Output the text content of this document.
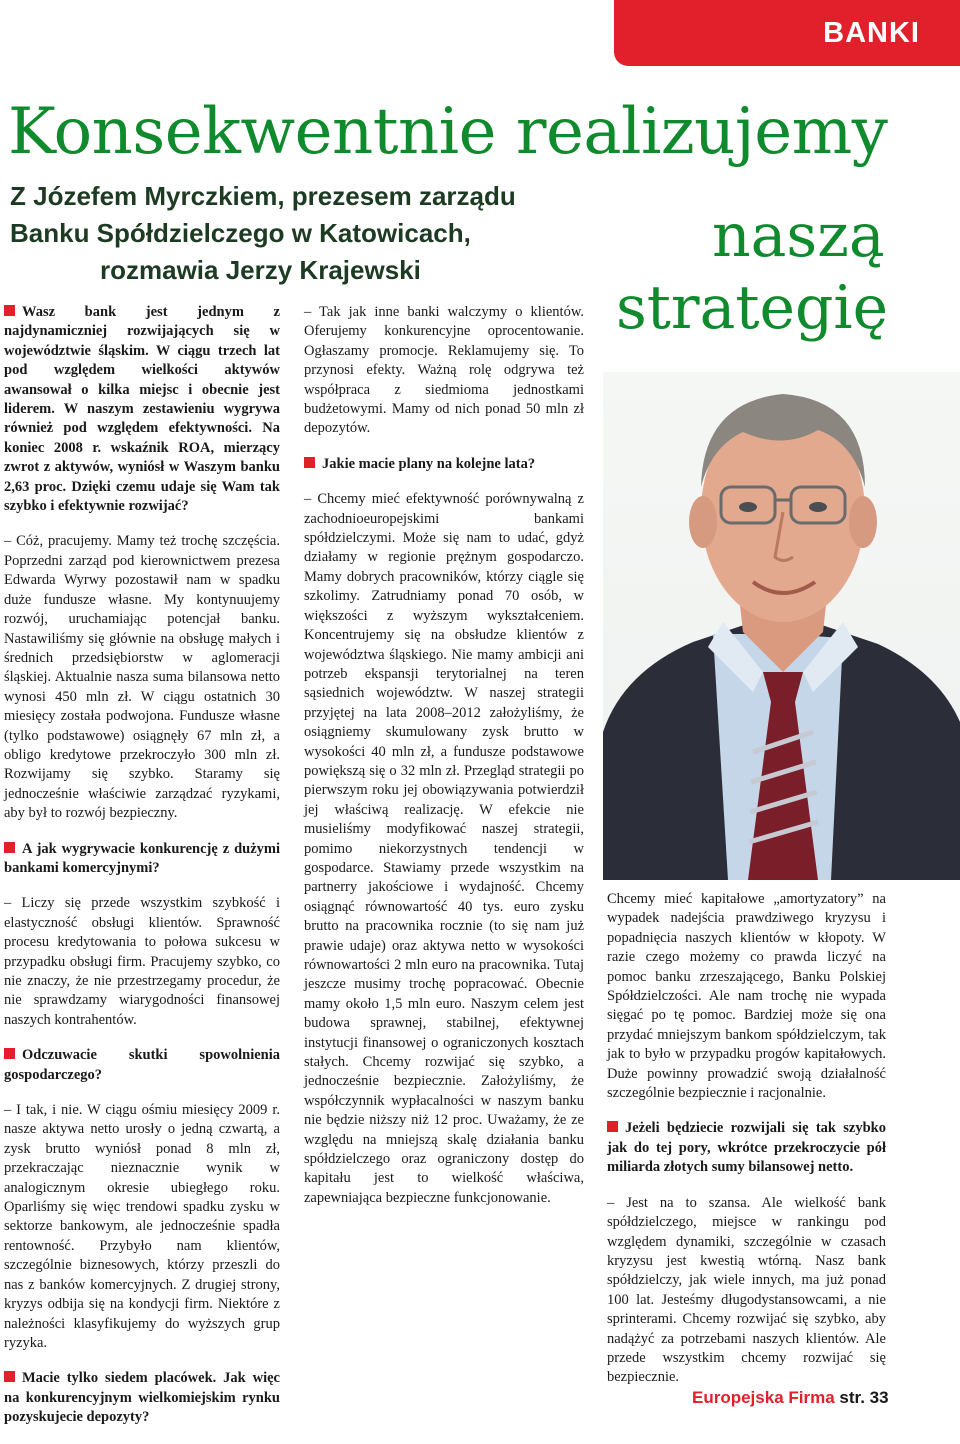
BANKI
Konsekwentnie realizujemy
naszą
strategię
Z Józefem Myrczkiem, prezesem zarządu
Banku Spółdzielczego w Katowicach,
rozmawia Jerzy Krajewski

Wasz bank jest jednym z najdynamiczniej rozwijających się w województwie śląskim. W ciągu trzech lat pod względem wielkości aktywów awansował o kilka miejsc i obecnie jest liderem. W naszym zestawieniu wygrywa również pod względem efektywności. Na koniec 2008 r. wskaźnik ROA, mierzący zwrot z aktywów, wyniósł w Waszym banku 2,63 proc. Dzięki czemu udaje się Wam tak szybko i efektywnie rozwijać?

– Cóż, pracujemy. Mamy też trochę szczęścia. Poprzedni zarząd pod kierownictwem prezesa Edwarda Wyrwy pozostawił nam w spadku duże fundusze własne. My kontynuujemy rozwój, uruchamiając potencjał banku. Nastawiliśmy się głównie na obsługę małych i średnich przedsiębiorstw w aglomeracji śląskiej. Aktualnie nasza suma bilansowa netto wynosi 450 mln zł. W ciągu ostatnich 30 miesięcy została podwojona. Fundusze własne (tylko podstawowe) osiągnęły 67 mln zł, a obligo kredytowe przekroczyło 300 mln zł. Rozwijamy się szybko. Staramy się jednocześnie właściwie zarządzać ryzykami, aby był to rozwój bezpieczny.

A jak wygrywacie konkurencję z dużymi bankami komercyjnymi?

– Liczy się przede wszystkim szybkość i elastyczność obsługi klientów. Sprawność procesu kredytowania to połowa sukcesu w przypadku obsługi firm. Pracujemy szybko, co nie znaczy, że nie przestrzegamy procedur, że nie sprawdzamy wiarygodności finansowej naszych kontrahentów.

Odczuwacie skutki spowolnienia gospodarczego?

– I tak, i nie. W ciągu ośmiu miesięcy 2009 r. nasze aktywa netto urosły o jedną czwartą, a zysk brutto wyniósł ponad 8 mln zł, przekraczając nieznacznie wynik w analogicznym okresie ubiegłego roku. Oparliśmy się więc trendowi spadku zysku w sektorze bankowym, ale jednocześnie spadła rentowność. Przybyło nam klientów, szczególnie biznesowych, którzy przeszli do nas z banków komercyjnych. Z drugiej strony, kryzys odbija się na kondycji firm. Niektóre z należności klasyfikujemy do wyższych grup ryzyka.

Macie tylko siedem placówek. Jak więc na konkurencyjnym wielkomiejskim rynku pozyskujecie depozyty?

– Tak jak inne banki walczymy o klientów. Oferujemy konkurencyjne oprocentowanie. Ogłaszamy promocje. Reklamujemy się. To przynosi efekty. Ważną rolę odgrywa też współpraca z siedmioma jednostkami budżetowymi. Mamy od nich ponad 50 mln zł depozytów.

Jakie macie plany na kolejne lata?

– Chcemy mieć efektywność porównywalną z zachodnioeuropejskimi bankami spółdzielczymi. Może się nam to udać, gdyż działamy w regionie prężnym gospodarczo. Mamy dobrych pracowników, którzy ciągle się szkolimy. Zatrudniamy ponad 70 osób, w większości z wyższym wykształceniem. Koncentrujemy się na obsłudze klientów z województwa śląskiego. Nie mamy ambicji ani potrzeb ekspansji terytorialnej na teren sąsiednich województw. W naszej strategii przyjętej na lata 2008–2012 założyliśmy, że osiągniemy skumulowany zysk brutto w wysokości 40 mln zł, a fundusze podstawowe powiększą się o 32 mln zł. Przegląd strategii po pierwszym roku jej obowiązywania potwierdził jej właściwą realizację. W efekcie nie musieliśmy modyfikować naszej strategii, pomimo niekorzystnych tendencji w gospodarce. Stawiamy przede wszystkim na partnerry jakościowe i wydajność. Chcemy osiągnąć równowartość 40 tys. euro zysku brutto na pracownika rocznie (to się nam już prawie udaje) oraz aktywa netto w wysokości równowartości 2 mln euro na pracownika. Tutaj jeszcze musimy trochę popracować. Obecnie mamy około 1,5 mln euro. Naszym celem jest budowa sprawnej, stabilnej, efektywnej instytucji finansowej o ograniczonych kosztach stałych. Chcemy rozwijać się szybko, a jednocześnie bezpiecznie. Założyliśmy, że współczynnik wypłacalności w naszym banku nie będzie niższy niż 12 proc. Uważamy, że ze względu na mniejszą skalę działania banku spółdzielczego oraz ograniczony dostęp do kapitału jest to wielkość właściwa, zapewniająca bezpieczne funkcjonowanie.

Chcemy mieć kapitałowe „amortyzatory” na wypadek nadejścia prawdziwego kryzysu i popadnięcia naszych klientów w kłopoty. W razie czego możemy co prawda liczyć na pomoc banku zrzeszającego, Banku Polskiej Spółdzielczości. Ale nam trochę nie wypada sięgać po tę pomoc. Bardziej może się ona przydać mniejszym bankom spółdzielczym, tak jak to było w przypadku progów kapitałowych. Duże powinny prowadzić swoją działalność szczególnie bezpiecznie i racjonalnie.

Jeżeli będziecie rozwijali się tak szybko jak do tej pory, wkrótce przekroczycie pół miliarda złotych sumy bilansowej netto.

– Jest na to szansa. Ale wielkość bank spółdzielczego, miejsce w rankingu pod względem dynamiki, szczególnie w czasach kryzysu jest kwestią wtórną. Nasz bank spółdzielczy, jak wiele innych, ma już ponad 100 lat. Jesteśmy długodystansowcami, a nie sprinterami. Chcemy rozwijać się szybko, aby nadążyć za potrzebami naszych klientów. Ale przede wszystkim chcemy rozwijać się bezpiecznie.

Europejska Firma str. 33
